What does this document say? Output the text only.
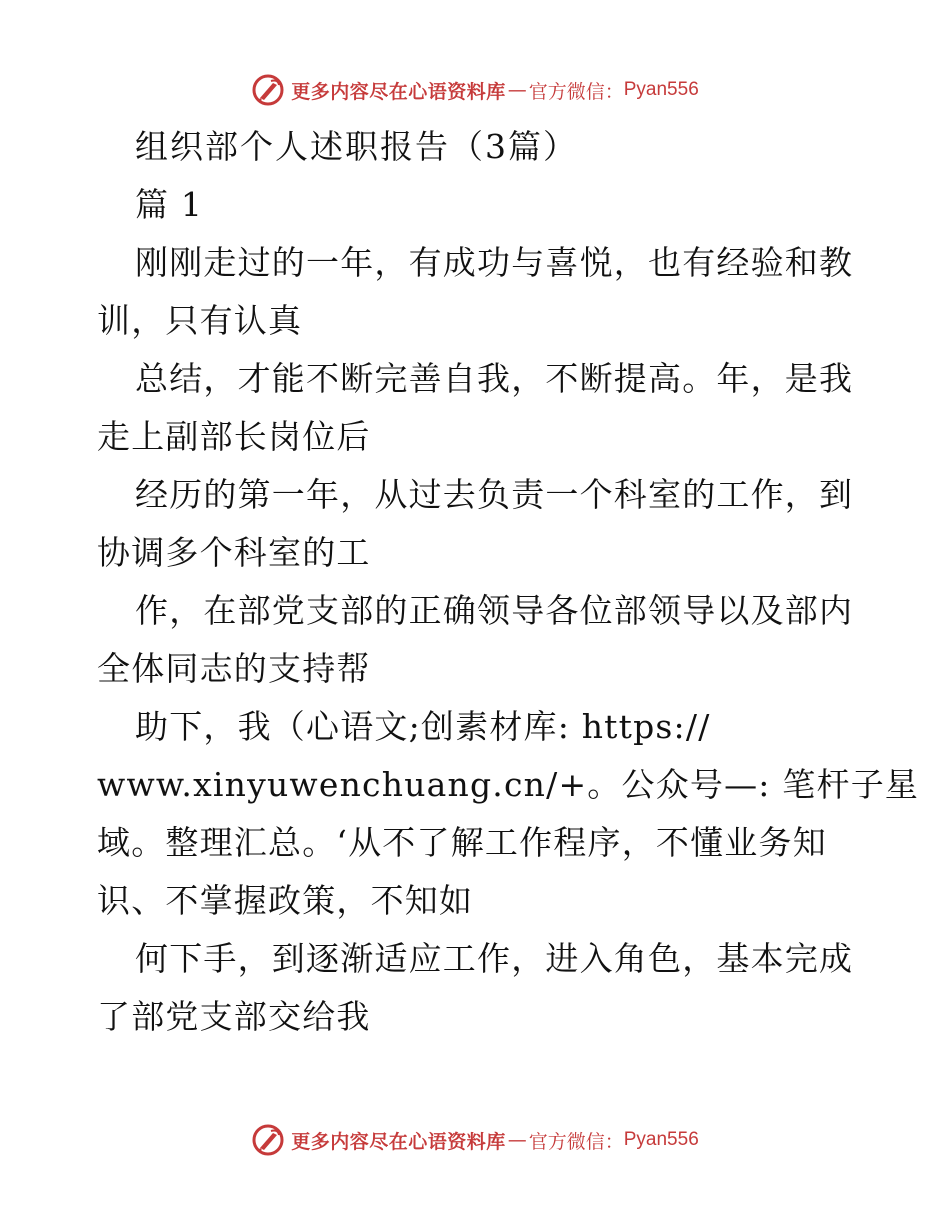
更多内容尽在心语资料库 — 官方微信： Pyan556
组织部个人述职报告（3篇）
篇 1
刚刚走过的一年，有成功与喜悦，也有经验和教
训，只有认真
总结，才能不断完善自我，不断提高。年，是我
走上副部长岗位后
经历的第一年，从过去负责一个科室的工作，到
协调多个科室的工
作，在部党支部的正确领导各位部领导以及部内
全体同志的支持帮
助下，我（心语文;创素材库: https://
www.xinyuwenchuang.cn/+。公众号—: 笔杆子星
域。整理汇总。‘从不了解工作程序，不懂业务知
识、不掌握政策，不知如
何下手，到逐渐适应工作，进入角色，基本完成
了部党支部交给我
更多内容尽在心语资料库 — 官方微信： Pyan556
